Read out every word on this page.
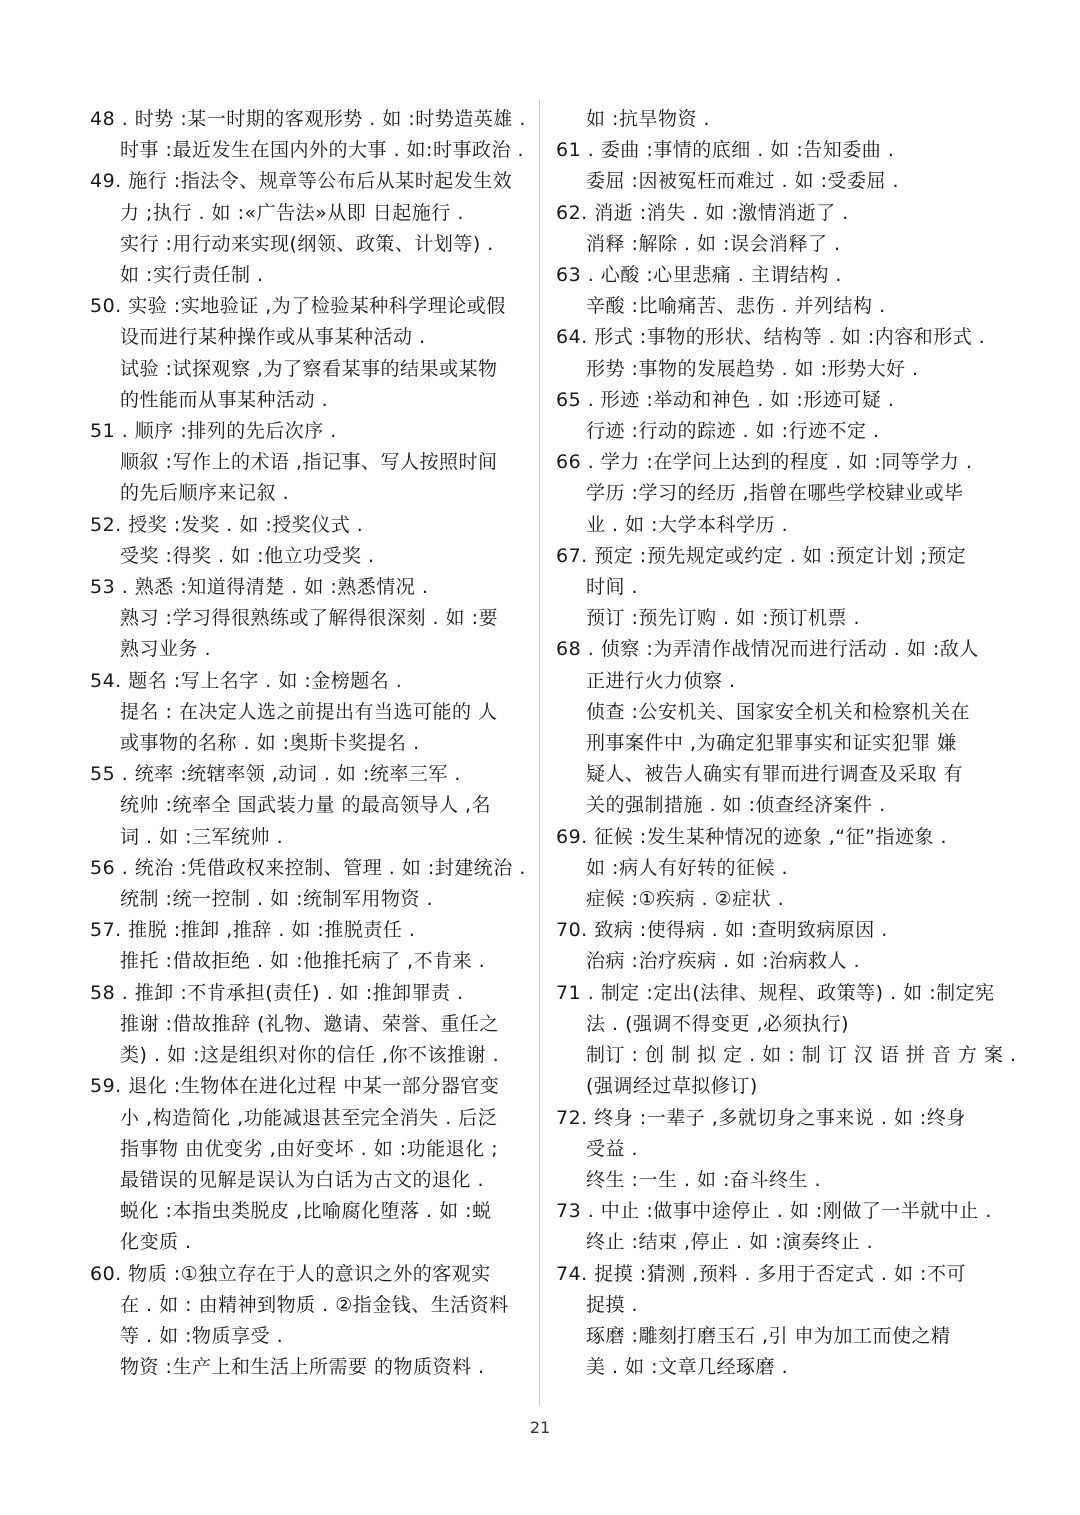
48 . 时势 :某一时期的客观形势 . 如 :时势造英雄 .
时事 :最近发生在国内外的大事 . 如:时事政治 .
49. 施行 :指法令、规章等公布后从某时起发生效
力 ;执行 . 如 :«广告法»从即 日起施行 .
实行 :用行动来实现(纲领、政策、计划等) .
如 :实行责任制 .
50. 实验 :实地验证 ,为了检验某种科学理论或假
设而进行某种操作或从事某种活动 .
试验 :试探观察 ,为了察看某事的结果或某物
的性能而从事某种活动 .
51 . 顺序 :排列的先后次序 .
顺叙 :写作上的术语 ,指记事、写人按照时间
的先后顺序来记叙 .
52. 授奖 :发奖 . 如 :授奖仪式 .
受奖 :得奖 . 如 :他立功受奖 .
53 . 熟悉 :知道得清楚 . 如 :熟悉情况 .
熟习 :学习得很熟练或了解得很深刻 . 如 :要
熟习业务 .
54. 题名 :写上名字 . 如 :金榜题名 .
提名 : 在决定人选之前提出有当选可能的 人
或事物的名称 . 如 :奥斯卡奖提名 .
55 . 统率 :统辖率领 ,动词 . 如 :统率三军 .
统帅 :统率全 国武装力量 的最高领导人 ,名
词 . 如 :三军统帅 .
56 . 统治 :凭借政权来控制、管理 . 如 :封建统治 .
统制 :统一控制 . 如 :统制军用物资 .
57. 推脱 :推卸 ,推辞 . 如 :推脱责任 .
推托 :借故拒绝 . 如 :他推托病了 ,不肯来 .
58 . 推卸 :不肯承担(责任) . 如 :推卸罪责 .
推谢 :借故推辞 (礼物、邀请、荣誉、重任之
类) . 如 :这是组织对你的信任 ,你不该推谢 .
59. 退化 :生物体在进化过程 中某一部分器官变
小 ,构造简化 ,功能减退甚至完全消失 . 后泛
指事物 由优变劣 ,由好变坏 . 如 :功能退化 ;
最错误的见解是误认为白话为古文的退化 .
蜕化 :本指虫类脱皮 ,比喻腐化堕落 . 如 :蜕
化变质 .
60. 物质 :①独立存在于人的意识之外的客观实
在 . 如 : 由精神到物质 . ②指金钱、生活资料
等 . 如 :物质享受 .
物资 :生产上和生活上所需要 的物质资料 .
如 :抗旱物资 .
61 . 委曲 :事情的底细 . 如 :告知委曲 .
委屈 :因被冤枉而难过 . 如 :受委屈 .
62. 消逝 :消失 . 如 :激情消逝了 .
消释 :解除 . 如 :误会消释了 .
63 . 心酸 :心里悲痛 . 主谓结构 .
辛酸 :比喻痛苦、悲伤 . 并列结构 .
64. 形式 :事物的形状、结构等 . 如 :内容和形式 .
形势 :事物的发展趋势 . 如 :形势大好 .
65 . 形迹 :举动和神色 . 如 :形迹可疑 .
行迹 :行动的踪迹 . 如 :行迹不定 .
66 . 学力 :在学问上达到的程度 . 如 :同等学力 .
学历 :学习的经历 ,指曾在哪些学校肄业或毕
业 . 如 :大学本科学历 .
67. 预定 :预先规定或约定 . 如 :预定计划 ;预定
时间 .
预订 :预先订购 . 如 :预订机票 .
68 . 侦察 :为弄清作战情况而进行活动 . 如 :敌人
正进行火力侦察 .
侦查 :公安机关、国家安全机关和检察机关在
刑事案件中 ,为确定犯罪事实和证实犯罪 嫌
疑人、被告人确实有罪而进行调查及采取 有
关的强制措施 . 如 :侦查经济案件 .
69. 征候 :发生某种情况的迹象 ,“征”指迹象 .
如 :病人有好转的征候 .
症候 :①疾病 . ②症状 .
70. 致病 :使得病 . 如 :查明致病原因 .
治病 :治疗疾病 . 如 :治病救人 .
71 . 制定 :定出(法律、规程、政策等) . 如 :制定宪
法 . (强调不得变更 ,必须执行)
制订 : 创 制 拟 定 . 如 : 制 订 汉 语 拼 音 方 案 .
(强调经过草拟修订)
72. 终身 :一辈子 ,多就切身之事来说 . 如 :终身
受益 .
终生 :一生 . 如 :奋斗终生 .
73 . 中止 :做事中途停止 . 如 :刚做了一半就中止 .
终止 :结束 ,停止 . 如 :演奏终止 .
74. 捉摸 :猜测 ,预料 . 多用于否定式 . 如 :不可
捉摸 .
琢磨 :雕刻打磨玉石 ,引 申为加工而使之精
美 . 如 :文章几经琢磨 .
21
